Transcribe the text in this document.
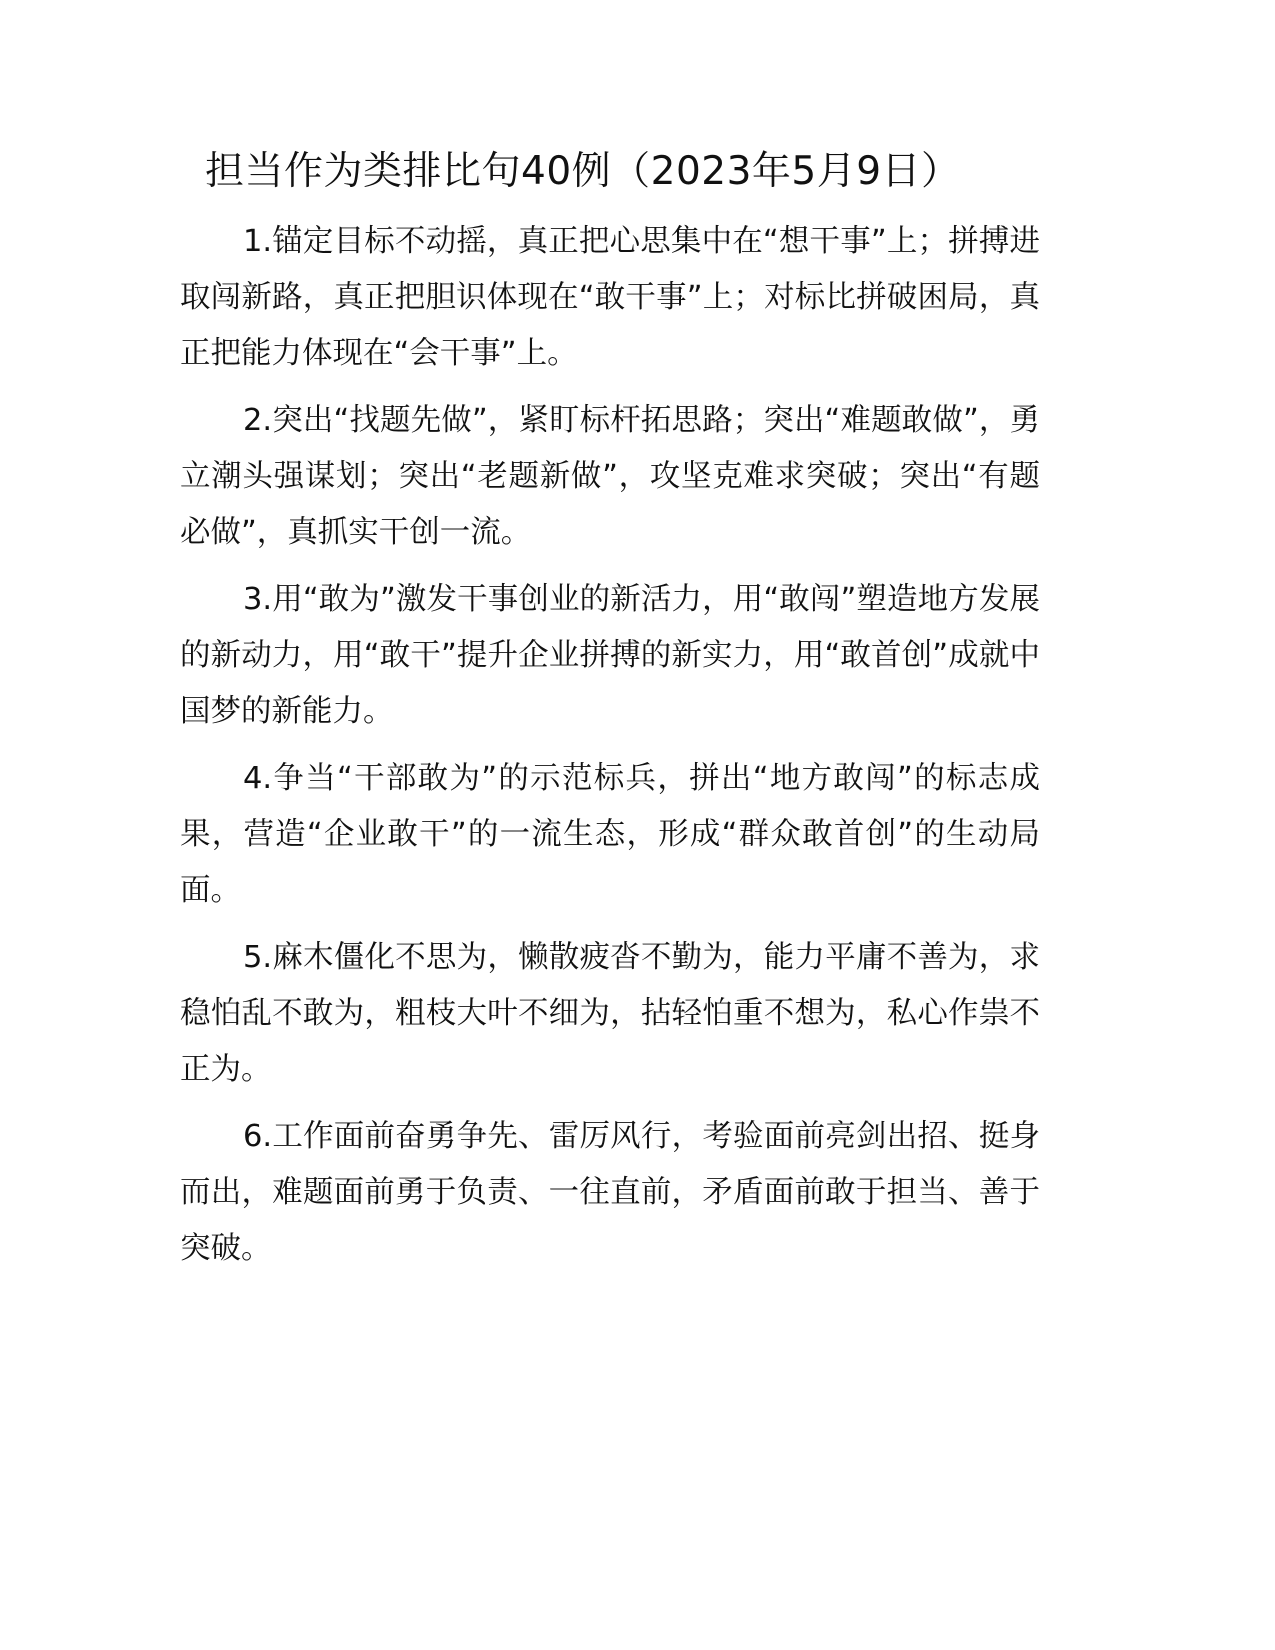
担当作为类排比句40例（2023年5月9日）

1.锚定目标不动摇，真正把心思集中在“想干事”上；拼搏进取闯新路，真正把胆识体现在“敢干事”上；对标比拼破困局，真正把能力体现在“会干事”上。

2.突出“找题先做”，紧盯标杆拓思路；突出“难题敢做”，勇立潮头强谋划；突出“老题新做”，攻坚克难求突破；突出“有题必做”，真抓实干创一流。

3.用“敢为”激发干事创业的新活力，用“敢闯”塑造地方发展的新动力，用“敢干”提升企业拼搏的新实力，用“敢首创”成就中国梦的新能力。

4.争当“干部敢为”的示范标兵，拼出“地方敢闯”的标志成果，营造“企业敢干”的一流生态，形成“群众敢首创”的生动局面。

5.麻木僵化不思为，懒散疲沓不勤为，能力平庸不善为，求稳怕乱不敢为，粗枝大叶不细为，拈轻怕重不想为，私心作祟不正为。

6.工作面前奋勇争先、雷厉风行，考验面前亮剑出招、挺身而出，难题面前勇于负责、一往直前，矛盾面前敢于担当、善于突破。
